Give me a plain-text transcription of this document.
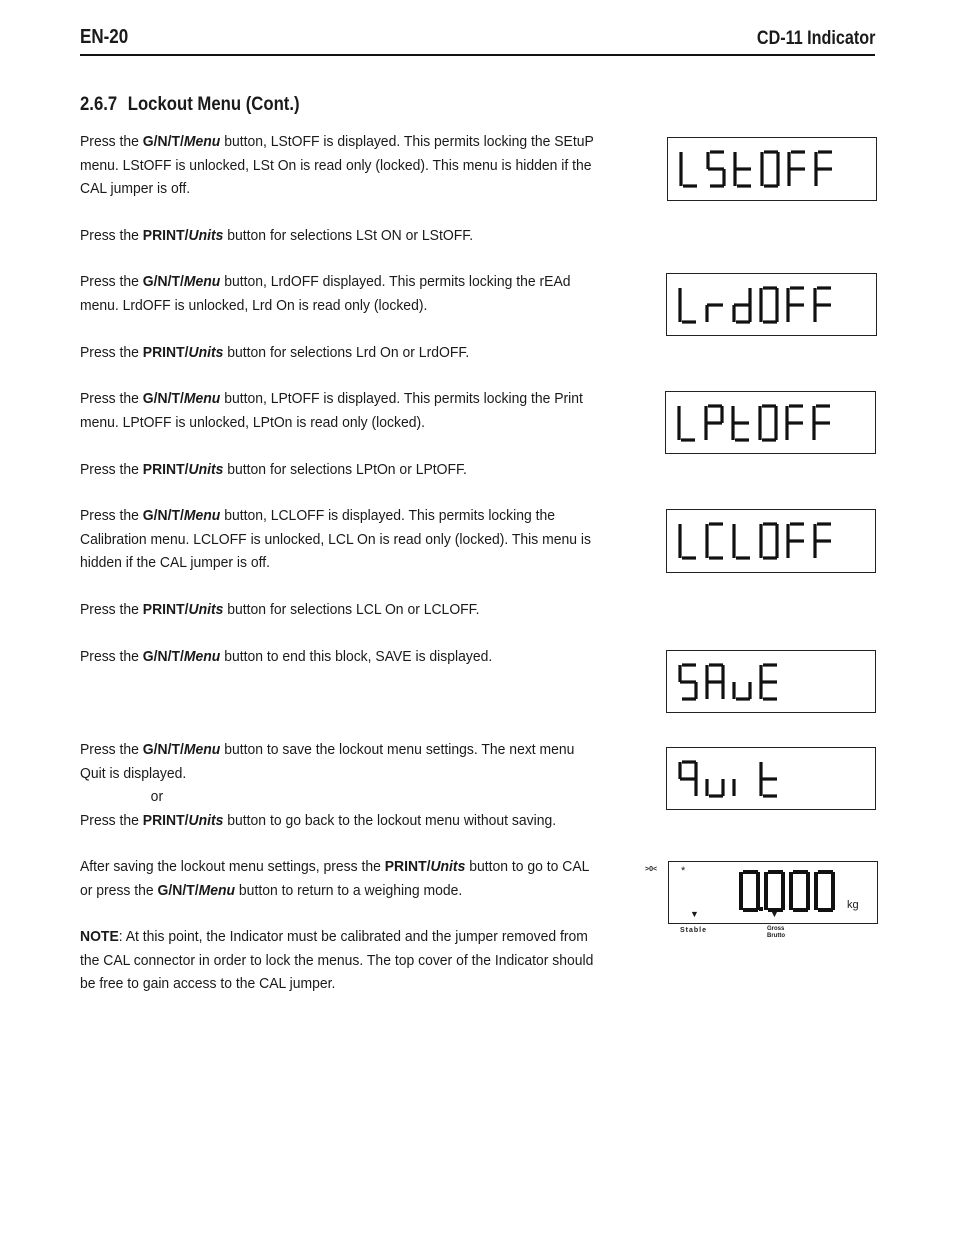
EN-20	CD-11 Indicator
2.6.7 Lockout Menu (Cont.)

Press the G/N/T/Menu button, LStOFF is displayed. This permits locking the SEtuP menu. LStOFF is unlocked, LSt On is read only (locked). This menu is hidden if the CAL jumper is off.

Press the PRINT/Units button for selections LSt ON or LStOFF.

Press the G/N/T/Menu button, LrdOFF displayed. This permits locking the rEAd menu. LrdOFF is unlocked, Lrd On is read only (locked).

Press the PRINT/Units button for selections Lrd On or LrdOFF.

Press the G/N/T/Menu button, LPtOFF is displayed. This permits locking the Print menu. LPtOFF is unlocked, LPtOn is read only (locked).

Press the PRINT/Units button for selections LPtOn or LPtOFF.

Press the G/N/T/Menu button, LCLOFF is displayed. This permits locking the Calibration menu. LCLOFF is unlocked, LCL On is read only (locked). This menu is hidden if the CAL jumper is off.

Press the PRINT/Units button for selections LCL On or LCLOFF.

Press the G/N/T/Menu button to end this block, SAVE is displayed.

Press the G/N/T/Menu button to save the lockout menu settings. The next menu Quit is displayed.

or

Press the PRINT/Units button to go back to the lockout menu without saving.

After saving the lockout menu settings, press the PRINT/Units button to go to CAL or press the G/N/T/Menu button to return to a weighing mode.

NOTE: At this point, the Indicator must be calibrated and the jumper removed from the CAL connector in order to lock the menus. The top cover of the Indicator should be free to gain access to the CAL jumper.

>0< *
kg
▼	▼
Stable	Gross
Brutto
